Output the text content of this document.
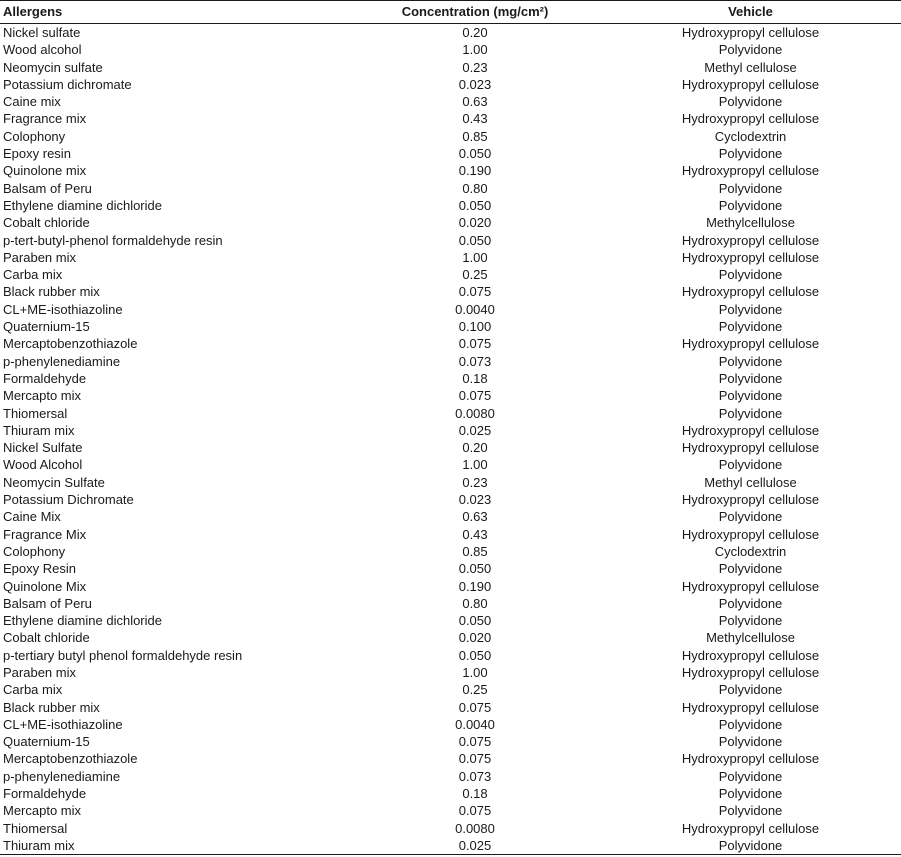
Allergens	Concentration (mg/cm²)	Vehicle
Nickel sulfate	0.20	Hydroxypropyl cellulose
Wood alcohol	1.00	Polyvidone
Neomycin sulfate	0.23	Methyl cellulose
Potassium dichromate	0.023	Hydroxypropyl cellulose
Caine mix	0.63	Polyvidone
Fragrance mix	0.43	Hydroxypropyl cellulose
Colophony	0.85	Cyclodextrin
Epoxy resin	0.050	Polyvidone
Quinolone mix	0.190	Hydroxypropyl cellulose
Balsam of Peru	0.80	Polyvidone
Ethylene diamine dichloride	0.050	Polyvidone
Cobalt chloride	0.020	Methylcellulose
p-tert-butyl-phenol formaldehyde resin	0.050	Hydroxypropyl cellulose
Paraben mix	1.00	Hydroxypropyl cellulose
Carba mix	0.25	Polyvidone
Black rubber mix	0.075	Hydroxypropyl cellulose
CL+ME-isothiazoline	0.0040	Polyvidone
Quaternium-15	0.100	Polyvidone
Mercaptobenzothiazole	0.075	Hydroxypropyl cellulose
p-phenylenediamine	0.073	Polyvidone
Formaldehyde	0.18	Polyvidone
Mercapto mix	0.075	Polyvidone
Thiomersal	0.0080	Polyvidone
Thiuram mix	0.025	Hydroxypropyl cellulose
Nickel Sulfate	0.20	Hydroxypropyl cellulose
Wood Alcohol	1.00	Polyvidone
Neomycin Sulfate	0.23	Methyl cellulose
Potassium Dichromate	0.023	Hydroxypropyl cellulose
Caine Mix	0.63	Polyvidone
Fragrance Mix	0.43	Hydroxypropyl cellulose
Colophony	0.85	Cyclodextrin
Epoxy Resin	0.050	Polyvidone
Quinolone Mix	0.190	Hydroxypropyl cellulose
Balsam of Peru	0.80	Polyvidone
Ethylene diamine dichloride	0.050	Polyvidone
Cobalt chloride	0.020	Methylcellulose
p-tertiary butyl phenol formaldehyde resin	0.050	Hydroxypropyl cellulose
Paraben mix	1.00	Hydroxypropyl cellulose
Carba mix	0.25	Polyvidone
Black rubber mix	0.075	Hydroxypropyl cellulose
CL+ME-isothiazoline	0.0040	Polyvidone
Quaternium-15	0.075	Polyvidone
Mercaptobenzothiazole	0.075	Hydroxypropyl cellulose
p-phenylenediamine	0.073	Polyvidone
Formaldehyde	0.18	Polyvidone
Mercapto mix	0.075	Polyvidone
Thiomersal	0.0080	Hydroxypropyl cellulose
Thiuram mix	0.025	Polyvidone
